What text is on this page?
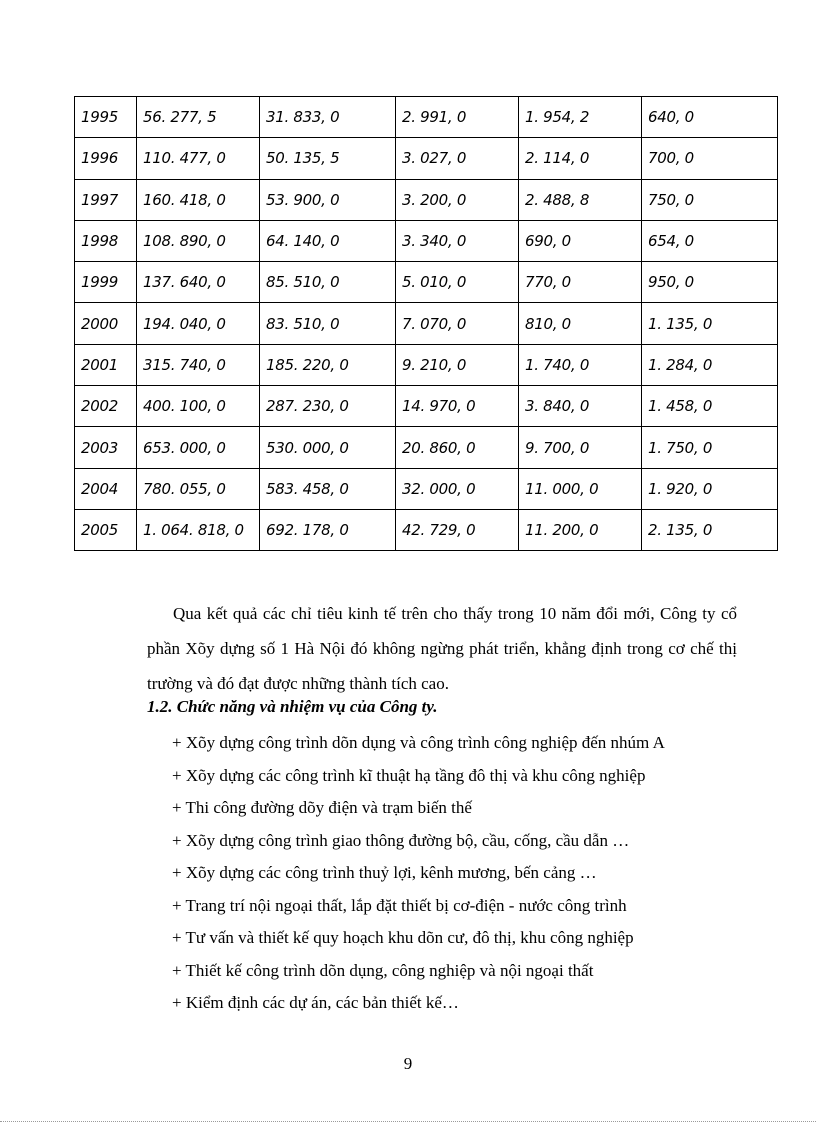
1995	56. 277, 5	31. 833, 0	2. 991, 0	1. 954, 2	640, 0
1996	110. 477, 0	50. 135, 5	3. 027, 0	2. 114, 0	700, 0
1997	160. 418, 0	53. 900, 0	3. 200, 0	2. 488, 8	750, 0
1998	108. 890, 0	64. 140, 0	3. 340, 0	690, 0	654, 0
1999	137. 640, 0	85. 510, 0	5. 010, 0	770, 0	950, 0
2000	194. 040, 0	83. 510, 0	7. 070, 0	810, 0	1. 135, 0
2001	315. 740, 0	185. 220, 0	9. 210, 0	1. 740, 0	1. 284, 0
2002	400. 100, 0	287. 230, 0	14. 970, 0	3. 840, 0	1. 458, 0
2003	653. 000, 0	530. 000, 0	20. 860, 0	9. 700, 0	1. 750, 0
2004	780. 055, 0	583. 458, 0	32. 000, 0	11. 000, 0	1. 920, 0
2005	1. 064. 818, 0	692. 178, 0	42. 729, 0	11. 200, 0	2. 135, 0

Qua kết quả các chỉ tiêu kinh tế trên cho thấy trong 10 năm đổi mới, Công ty cổ phần Xõy dựng số 1 Hà Nội đó không ngừng phát triển, khẳng định trong cơ chế thị trường và đó đạt được những thành tích cao.

1.2. Chức năng và nhiệm vụ của Công ty.
+ Xõy dựng công trình dõn dụng và công trình công nghiệp đến nhúm A
+ Xõy dựng các công trình kĩ thuật hạ tầng đô thị và khu công nghiệp
+ Thi công đường dõy điện và trạm biến thế
+ Xõy dựng công trình giao thông đường bộ, cầu, cống, cầu dẫn …
+ Xõy dựng các công trình thuỷ lợi, kênh mương, bến cảng …
+ Trang trí nội ngoại thất, lắp đặt thiết bị cơ-điện - nước công trình
+ Tư vấn và thiết kế quy hoạch khu dõn cư, đô thị, khu công nghiệp
+ Thiết kế công trình dõn dụng, công nghiệp và nội ngoại thất
+ Kiểm định các dự án, các bản thiết kế…
9
